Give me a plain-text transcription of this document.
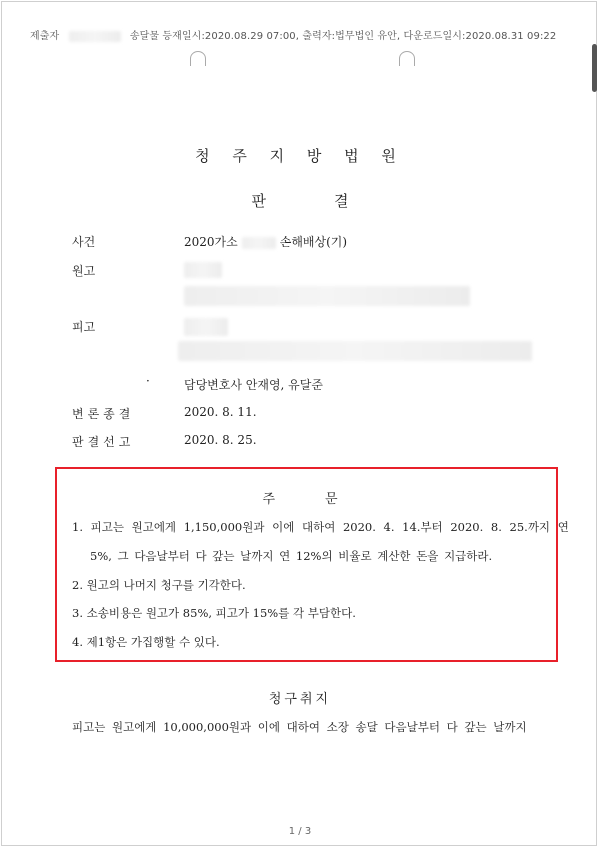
제출자	송달물 등재일시:2020.08.29 07:00, 출력자:법무법인 유안, 다운로드일시:2020.08.31 09:22
청 주 지 방 법 원
판	결
사건	2020가소	손해배상(기)
원고
피고
·	담당변호사 안재영, 유달준
변론종결	2020. 8. 11.
판결선고	2020. 8. 25.
주	문
1. 피고는 원고에게 1,150,000원과 이에 대하여 2020. 4. 14.부터 2020. 8. 25.까지 연
5%, 그 다음날부터 다 갚는 날까지 연 12%의 비율로 계산한 돈을 지급하라.
2. 원고의 나머지 청구를 기각한다.
3. 소송비용은 원고가 85%, 피고가 15%를 각 부담한다.
4. 제1항은 가집행할 수 있다.
청구취지
피고는 원고에게 10,000,000원과 이에 대하여 소장 송달 다음날부터 다 갚는 날까지
1 / 3
